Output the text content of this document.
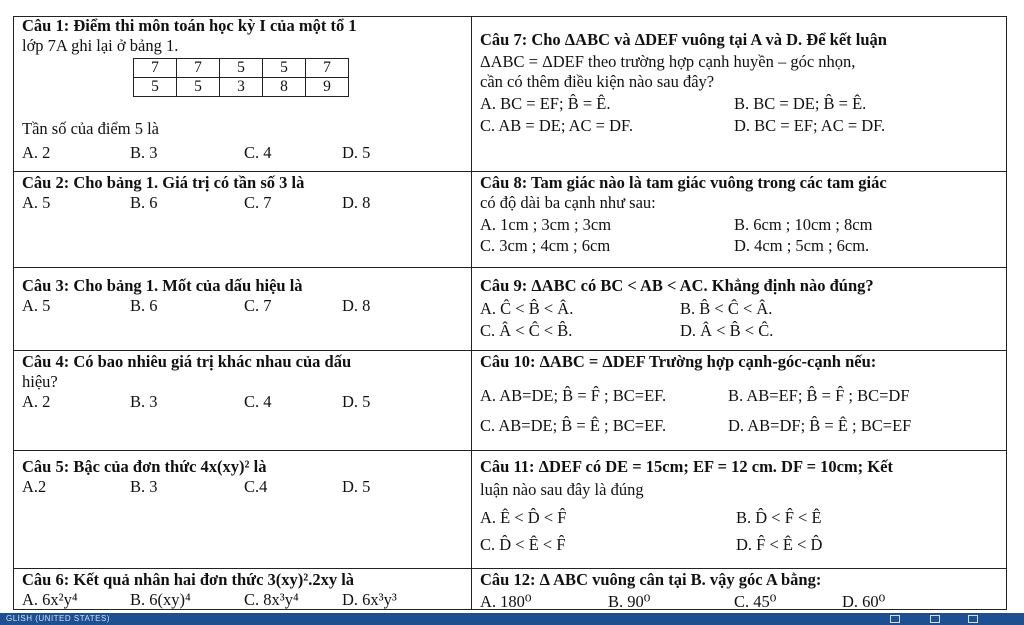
Câu 1: Điểm thi môn toán học kỳ I của một tổ 1
lớp 7A ghi lại ở bảng 1.
7	7	5	5	7
5	5	3	8	9
Tần số của điểm 5 là
A. 2	B. 3	C. 4	D. 5
Câu 2: Cho bảng 1. Giá trị có tần số 3 là
A. 5	B. 6	C. 7	D. 8
Câu 3: Cho bảng 1. Mốt của dấu hiệu là
A. 5	B. 6	C. 7	D. 8
Câu 4: Có bao nhiêu giá trị khác nhau của dấu
hiệu?
A. 2	B. 3	C. 4	D. 5
Câu 5: Bậc của đơn thức 4x(xy)² là
A.2	B. 3	C.4	D. 5
Câu 6: Kết quả nhân hai đơn thức 3(xy)².2xy là
A. 6x²y⁴	B. 6(xy)⁴	C. 8x³y⁴	D. 6x³y³
Câu 7: Cho ΔABC và ΔDEF vuông tại A và D. Để kết luận
ΔABC = ΔDEF theo trường hợp cạnh huyền – góc nhọn,
cần có thêm điều kiện nào sau đây?
A. BC = EF; B̂ = Ê.	B. BC = DE; B̂ = Ê.
C. AB = DE; AC = DF.	D. BC = EF; AC = DF.
Câu 8: Tam giác nào là tam giác vuông trong các tam giác
có độ dài ba cạnh như sau:
A. 1cm ; 3cm ; 3cm	B. 6cm ; 10cm ; 8cm
C. 3cm ; 4cm ; 6cm	D. 4cm ; 5cm ; 6cm.
Câu 9: ΔABC có BC < AB < AC. Khẳng định nào đúng?
A. Ĉ < B̂ < Â.	B. B̂ < Ĉ < Â.
C. Â < Ĉ < B̂.	D. Â < B̂ < Ĉ.
Câu 10: ΔABC = ΔDEF Trường hợp cạnh-góc-cạnh nếu:
A. AB=DE; B̂ = F̂ ; BC=EF.	B. AB=EF; B̂ = F̂ ; BC=DF
C. AB=DE; B̂ = Ê ; BC=EF.	D. AB=DF; B̂ = Ê ; BC=EF
Câu 11: ΔDEF có DE = 15cm; EF = 12 cm. DF = 10cm; Kết
luận nào sau đây là đúng
A. Ê < D̂ < F̂	B. D̂ < F̂ < Ê
C. D̂ < Ê < F̂	D. F̂ < Ê < D̂
Câu 12: Δ ABC vuông cân tại B. vậy góc A bằng:
A. 180⁰	B. 90⁰	C. 45⁰	D. 60⁰
GLISH (UNITED STATES)
